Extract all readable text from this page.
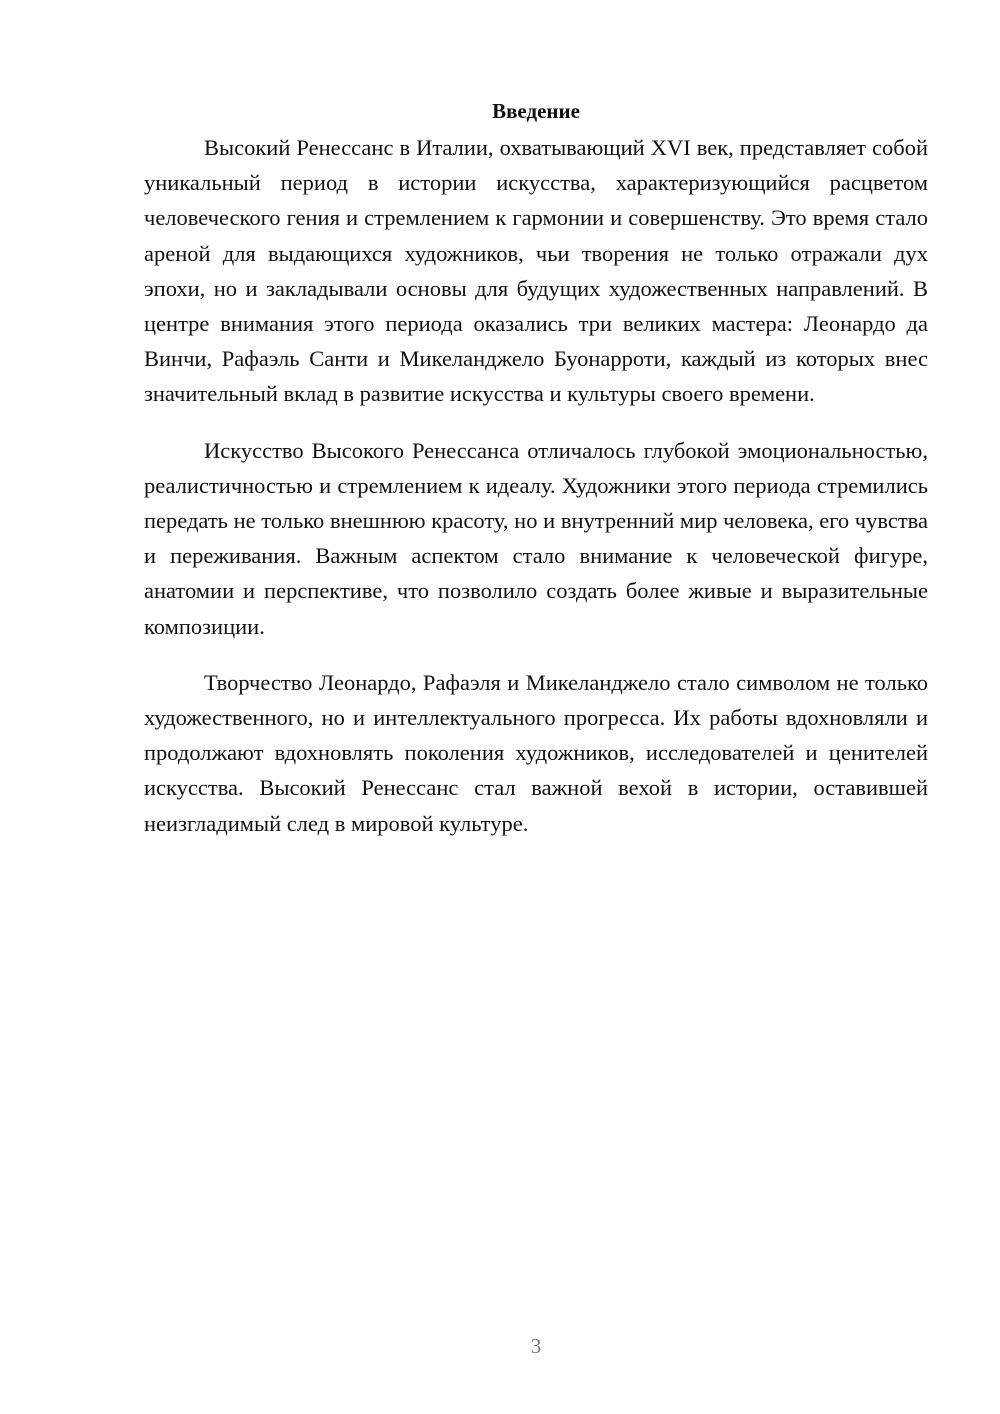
Введение

Высокий Ренессанс в Италии, охватывающий XVI век, представляет собой уникальный период в истории искусства, характеризующийся расцветом человеческого гения и стремлением к гармонии и совершенству. Это время стало ареной для выдающихся художников, чьи творения не только отражали дух эпохи, но и закладывали основы для будущих художественных направлений. В центре внимания этого периода оказались три великих мастера: Леонардо да Винчи, Рафаэль Санти и Микеланджело Буонарроти, каждый из которых внес значительный вклад в развитие искусства и культуры своего времени.

Искусство Высокого Ренессанса отличалось глубокой эмоциональностью, реалистичностью и стремлением к идеалу. Художники этого периода стремились передать не только внешнюю красоту, но и внутренний мир человека, его чувства и переживания. Важным аспектом стало внимание к человеческой фигуре, анатомии и перспективе, что позволило создать более живые и выразительные композиции.

Творчество Леонардо, Рафаэля и Микеланджело стало символом не только художественного, но и интеллектуального прогресса. Их работы вдохновляли и продолжают вдохновлять поколения художников, исследователей и ценителей искусства. Высокий Ренессанс стал важной вехой в истории, оставившей неизгладимый след в мировой культуре.

3
